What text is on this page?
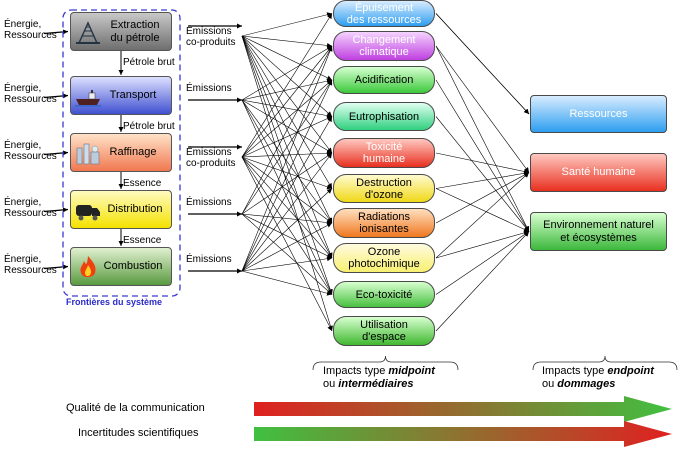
Énergie,
Ressources
Énergie,
Ressources
Énergie,
Ressources
Énergie,
Ressources
Énergie,
Ressources
Extraction
du pétrole
Transport
Raffinage
Distribution
Combustion
Pétrole brut
Pétrole brut
Essence
Essence
Émissions
co-produits
Émissions
Émissions
co-produits
Émissions
Émissions
Frontières du système
Épuisement
des ressources
Changement
climatique
Acidification
Eutrophisation
Toxicité
humaine
Destruction
d'ozone
Radiations
ionisantes
Ozone
photochimique
Eco-toxicité
Utilisation
d'espace
Ressources
Santé humaine
Environnement naturel
et écosystèmes
Impacts type midpoint
ou intermédiaires
Impacts type endpoint
ou dommages
Qualité de la communication
Incertitudes scientifiques
